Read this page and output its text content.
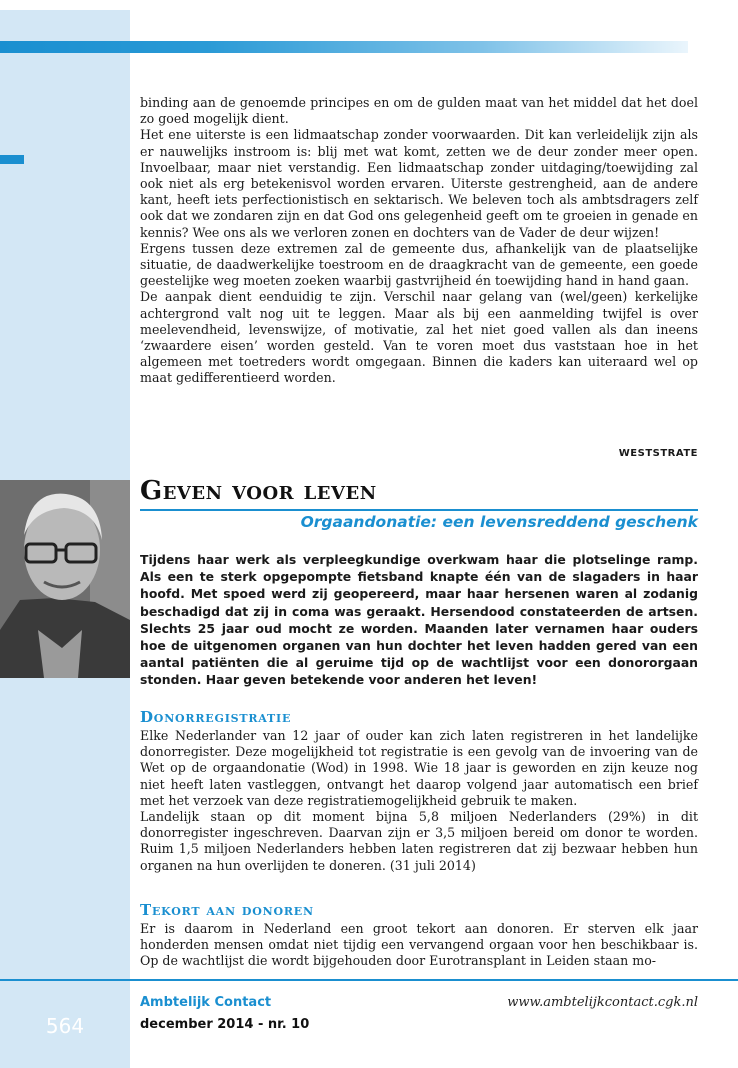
binding aan de genoemde principes en om de gulden maat van het middel dat het doel zo goed mogelijk dient.

Het ene uiterste is een lidmaatschap zonder voorwaarden. Dit kan verleidelijk zijn als er nauwelijks instroom is: blij met wat komt, zetten we de deur zonder meer open. Invoelbaar, maar niet verstandig. Een lidmaatschap zonder uitdaging/toewijding zal ook niet als erg betekenisvol worden ervaren. Uiterste gestrengheid, aan de andere kant, heeft iets perfectionistisch en sektarisch. We beleven toch als ambtsdragers zelf ook dat we zondaren zijn en dat God ons gelegenheid geeft om te groeien in genade en kennis? Wee ons als we verloren zonen en dochters van de Vader de deur wijzen!

Ergens tussen deze extremen zal de gemeente dus, afhankelijk van de plaatselijke situatie, de daadwerkelijke toestroom en de draagkracht van de gemeente, een goede geestelijke weg moeten zoeken waarbij gastvrijheid én toewijding hand in hand gaan.

De aanpak dient eenduidig te zijn. Verschil naar gelang van (wel/geen) kerkelijke achtergrond valt nog uit te leggen. Maar als bij een aanmelding twijfel is over meelevendheid, levenswijze, of motivatie, zal het niet goed vallen als dan ineens ‘zwaardere eisen’ worden gesteld. Van te voren moet dus vaststaan hoe in het algemeen met toetreders wordt omgegaan. Binnen die kaders kan uiteraard wel op maat gedifferentieerd worden.

WESTSTRATE
Geven voor leven
Orgaandonatie: een levensreddend geschenk
Tijdens haar werk als verpleegkundige overkwam haar die plotselinge ramp. Als een te sterk opgepompte fietsband knapte één van de slagaders in haar hoofd. Met spoed werd zij geopereerd, maar haar hersenen waren al zodanig beschadigd dat zij in coma was geraakt. Hersendood constateerden de artsen. Slechts 25 jaar oud mocht ze worden. Maanden later vernamen haar ouders hoe de uitgenomen organen van hun dochter het leven hadden gered van een aantal patiënten die al geruime tijd op de wachtlijst voor een donororgaan stonden. Haar geven betekende voor anderen het leven!
Donorregistratie

Elke Nederlander van 12 jaar of ouder kan zich laten registreren in het landelijke donorregister. Deze mogelijkheid tot registratie is een gevolg van de invoering van de Wet op de orgaandonatie (Wod) in 1998. Wie 18 jaar is geworden en zijn keuze nog niet heeft laten vastleggen, ontvangt het daarop volgend jaar automatisch een brief met het verzoek van deze registratiemogelijkheid gebruik te maken.

Landelijk staan op dit moment bijna 5,8 miljoen Nederlanders (29%) in dit donorregister ingeschreven. Daarvan zijn er 3,5 miljoen bereid om donor te worden. Ruim 1,5 miljoen Nederlanders hebben laten registreren dat zij bezwaar hebben hun organen na hun overlijden te doneren. (31 juli 2014)

Tekort aan donoren

Er is daarom in Nederland een groot tekort aan donoren. Er sterven elk jaar honderden mensen omdat niet tijdig een vervangend orgaan voor hen beschikbaar is. Op de wachtlijst die wordt bijgehouden door Eurotransplant in Leiden staan mo-

564
Ambtelijk Contact
december 2014 - nr. 10
www.ambtelijkcontact.cgk.nl
